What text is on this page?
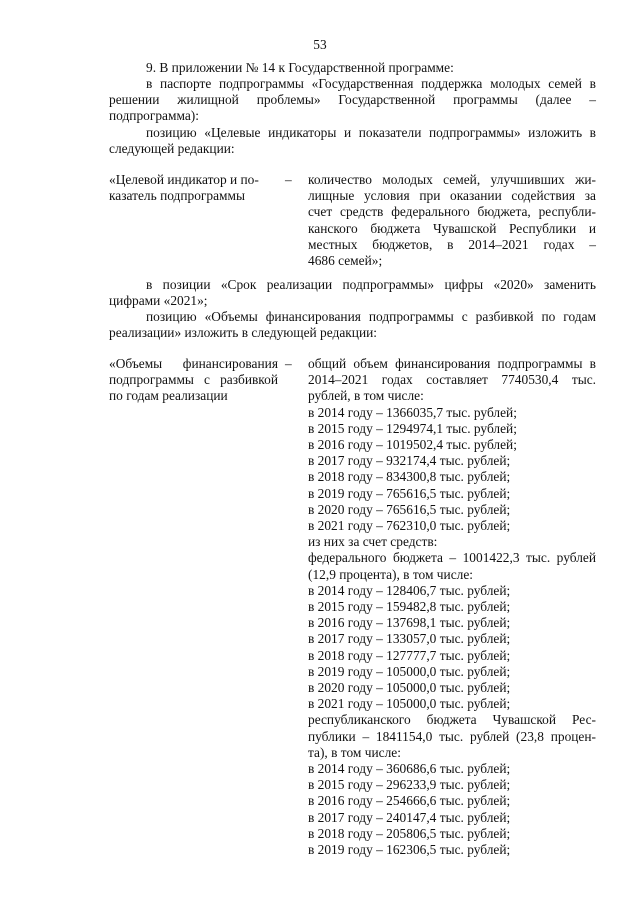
53
9. В приложении № 14 к Государственной программе:
в паспорте подпрограммы «Государственная поддержка молодых семей в решении жилищной проблемы» Государственной программы (далее – подпрограмма):
позицию «Целевые индикаторы и показатели подпрограммы» изложить в следующей редакции:
«Целевой индикатор и по-
казатель подпрограммы
– количество молодых семей, улучшивших жи-
лищные условия при оказании содействия за
счет средств федерального бюджета, республи-
канского бюджета Чувашской Республики и
местных бюджетов, в 2014–2021 годах –
4686 семей»;
в позиции «Срок реализации подпрограммы» цифры «2020» заменить цифрами «2021»;
позицию «Объемы финансирования подпрограммы с разбивкой по годам реализации» изложить в следующей редакции:
«Объемы финансирования
подпрограммы с разбивкой
по годам реализации
– общий объем финансирования подпрограммы в
2014–2021 годах составляет 7740530,4 тыс.
рублей, в том числе:
в 2014 году – 1366035,7 тыс. рублей;
в 2015 году – 1294974,1 тыс. рублей;
в 2016 году – 1019502,4 тыс. рублей;
в 2017 году – 932174,4 тыс. рублей;
в 2018 году – 834300,8 тыс. рублей;
в 2019 году – 765616,5 тыс. рублей;
в 2020 году – 765616,5 тыс. рублей;
в 2021 году – 762310,0 тыс. рублей;
из них за счет средств:
федерального бюджета – 1001422,3 тыс. рублей
(12,9 процента), в том числе:
в 2014 году – 128406,7 тыс. рублей;
в 2015 году – 159482,8 тыс. рублей;
в 2016 году – 137698,1 тыс. рублей;
в 2017 году – 133057,0 тыс. рублей;
в 2018 году – 127777,7 тыс. рублей;
в 2019 году – 105000,0 тыс. рублей;
в 2020 году – 105000,0 тыс. рублей;
в 2021 году – 105000,0 тыс. рублей;
республиканского бюджета Чувашской Рес-
публики – 1841154,0 тыс. рублей (23,8 процен-
та), в том числе:
в 2014 году – 360686,6 тыс. рублей;
в 2015 году – 296233,9 тыс. рублей;
в 2016 году – 254666,6 тыс. рублей;
в 2017 году – 240147,4 тыс. рублей;
в 2018 году – 205806,5 тыс. рублей;
в 2019 году – 162306,5 тыс. рублей;
